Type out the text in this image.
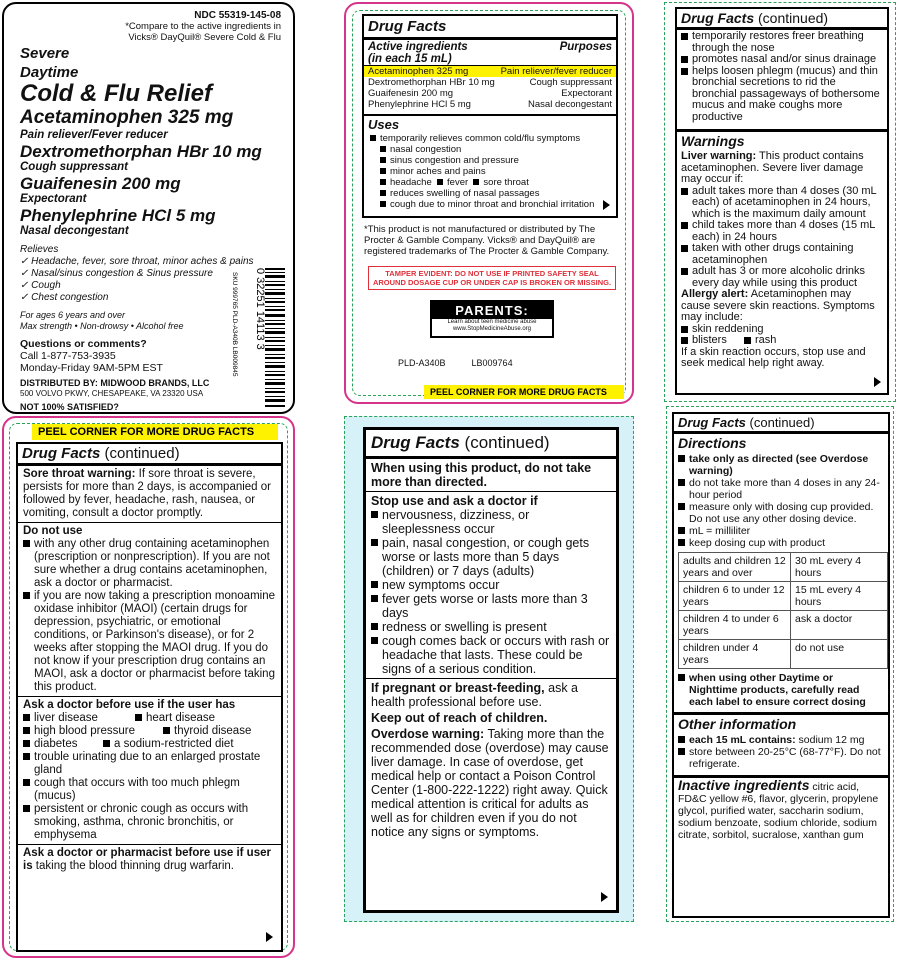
NDC 55319-145-08
*Compare to the active ingredients in Vicks® DayQuil® Severe Cold & Flu
Severe
Daytime
Cold & Flu Relief
Acetaminophen 325 mg
Pain reliever/Fever reducer
Dextromethorphan HBr 10 mg
Cough suppressant
Guaifenesin 200 mg
Expectorant
Phenylephrine HCl 5 mg
Nasal decongestant
Relieves
✓ Headache, fever, sore throat, minor aches & pains
✓ Nasal/sinus congestion & Sinus pressure
✓ Cough
✓ Chest congestion
For ages 6 years and over
Max strength • Non-drowsy • Alcohol free
Questions or comments?
Call 1-877-753-3935
Monday-Friday 9AM-5PM EST
DISTRIBUTED BY: MIDWOOD BRANDS, LLC
500 VOLVO PKWY, CHESAPEAKE, VA 23320 USA
NOT 100% SATISFIED?
0 32251 14113 3
SKU 999765 PLD-A340B LB009845
Drug Facts
Active ingredients	Purposes
(in each 15 mL)
Acetaminophen 325 mg	Pain reliever/fever reducer
Dextromethorphan HBr 10 mg	Cough suppressant
Guaifenesin 200 mg	Expectorant
Phenylephrine HCl 5 mg	Nasal decongestant
Uses
temporarily relieves common cold/flu symptoms
nasal congestion
sinus congestion and pressure
minor aches and pains
headache fever sore throat
reduces swelling of nasal passages
cough due to minor throat and bronchial irritation
*This product is not manufactured or distributed by The Procter & Gamble Company. Vicks® and DayQuil® are registered trademarks of The Procter & Gamble Company.
TAMPER EVIDENT: DO NOT USE IF PRINTED SAFETY SEAL AROUND DOSAGE CUP OR UNDER CAP IS BROKEN OR MISSING.
PARENTS:
Learn about teen medicine abuse
www.StopMedicineAbuse.org
PLD-A340B	LB009764
PEEL CORNER FOR MORE DRUG FACTS
Drug Facts (continued)
temporarily restores freer breathing through the nose
promotes nasal and/or sinus drainage
helps loosen phlegm (mucus) and thin bronchial secretions to rid the bronchial passageways of bothersome mucus and make coughs more productive
Warnings
Liver warning: This product contains acetaminophen. Severe liver damage may occur if:
adult takes more than 4 doses (30 mL each) of acetaminophen in 24 hours, which is the maximum daily amount
child takes more than 4 doses (15 mL each) in 24 hours
taken with other drugs containing acetaminophen
adult has 3 or more alcoholic drinks every day while using this product
Allergy alert: Acetaminophen may cause severe skin reactions. Symptoms may include:
skin reddening
blisters
	rash
If a skin reaction occurs, stop use and seek medical help right away.
PEEL CORNER FOR MORE DRUG FACTS
Drug Facts (continued)
Sore throat warning: If sore throat is severe, persists for more than 2 days, is accompanied or followed by fever, headache, rash, nausea, or vomiting, consult a doctor promptly.
Do not use
with any other drug containing acetaminophen (prescription or nonprescription). If you are not sure whether a drug contains acetaminophen, ask a doctor or pharmacist.
if you are now taking a prescription monoamine oxidase inhibitor (MAOI) (certain drugs for depression, psychiatric, or emotional conditions, or Parkinson's disease), or for 2 weeks after stopping the MAOI drug. If you do not know if your prescription drug contains an MAOI, ask a doctor or pharmacist before taking this product.
Ask a doctor before use if the user has
liver disease	heart disease
high blood pressure	thyroid disease
diabetes	a sodium-restricted diet
trouble urinating due to an enlarged prostate gland
cough that occurs with too much phlegm (mucus)
persistent or chronic cough as occurs with smoking, asthma, chronic bronchitis, or emphysema
Ask a doctor or pharmacist before use if user is taking the blood thinning drug warfarin.
Drug Facts (continued)
When using this product, do not take more than directed.
Stop use and ask a doctor if
nervousness, dizziness, or sleeplessness occur
pain, nasal congestion, or cough gets worse or lasts more than 5 days (children) or 7 days (adults)
new symptoms occur
fever gets worse or lasts more than 3 days
redness or swelling is present
cough comes back or occurs with rash or headache that lasts. These could be signs of a serious condition.
If pregnant or breast-feeding, ask a health professional before use.
Keep out of reach of children.
Overdose warning: Taking more than the recommended dose (overdose) may cause liver damage. In case of overdose, get medical help or contact a Poison Control Center (1-800-222-1222) right away. Quick medical attention is critical for adults as well as for children even if you do not notice any signs or symptoms.
Drug Facts (continued)
Directions
take only as directed (see Overdose warning)
do not take more than 4 doses in any 24-hour period
measure only with dosing cup provided. Do not use any other dosing device.
mL = milliliter
keep dosing cup with product
adults and children 12 years and over	30 mL every 4 hours
children 6 to under 12 years	15 mL every 4 hours
children 4 to under 6 years	ask a doctor
children under 4 years	do not use
when using other Daytime or Nighttime products, carefully read each label to ensure correct dosing
Other information
each 15 mL contains: sodium 12 mg
store between 20-25°C (68-77°F). Do not refrigerate.
Inactive ingredients citric acid, FD&C yellow #6, flavor, glycerin, propylene glycol, purified water, saccharin sodium, sodium benzoate, sodium chloride, sodium citrate, sorbitol, sucralose, xanthan gum
